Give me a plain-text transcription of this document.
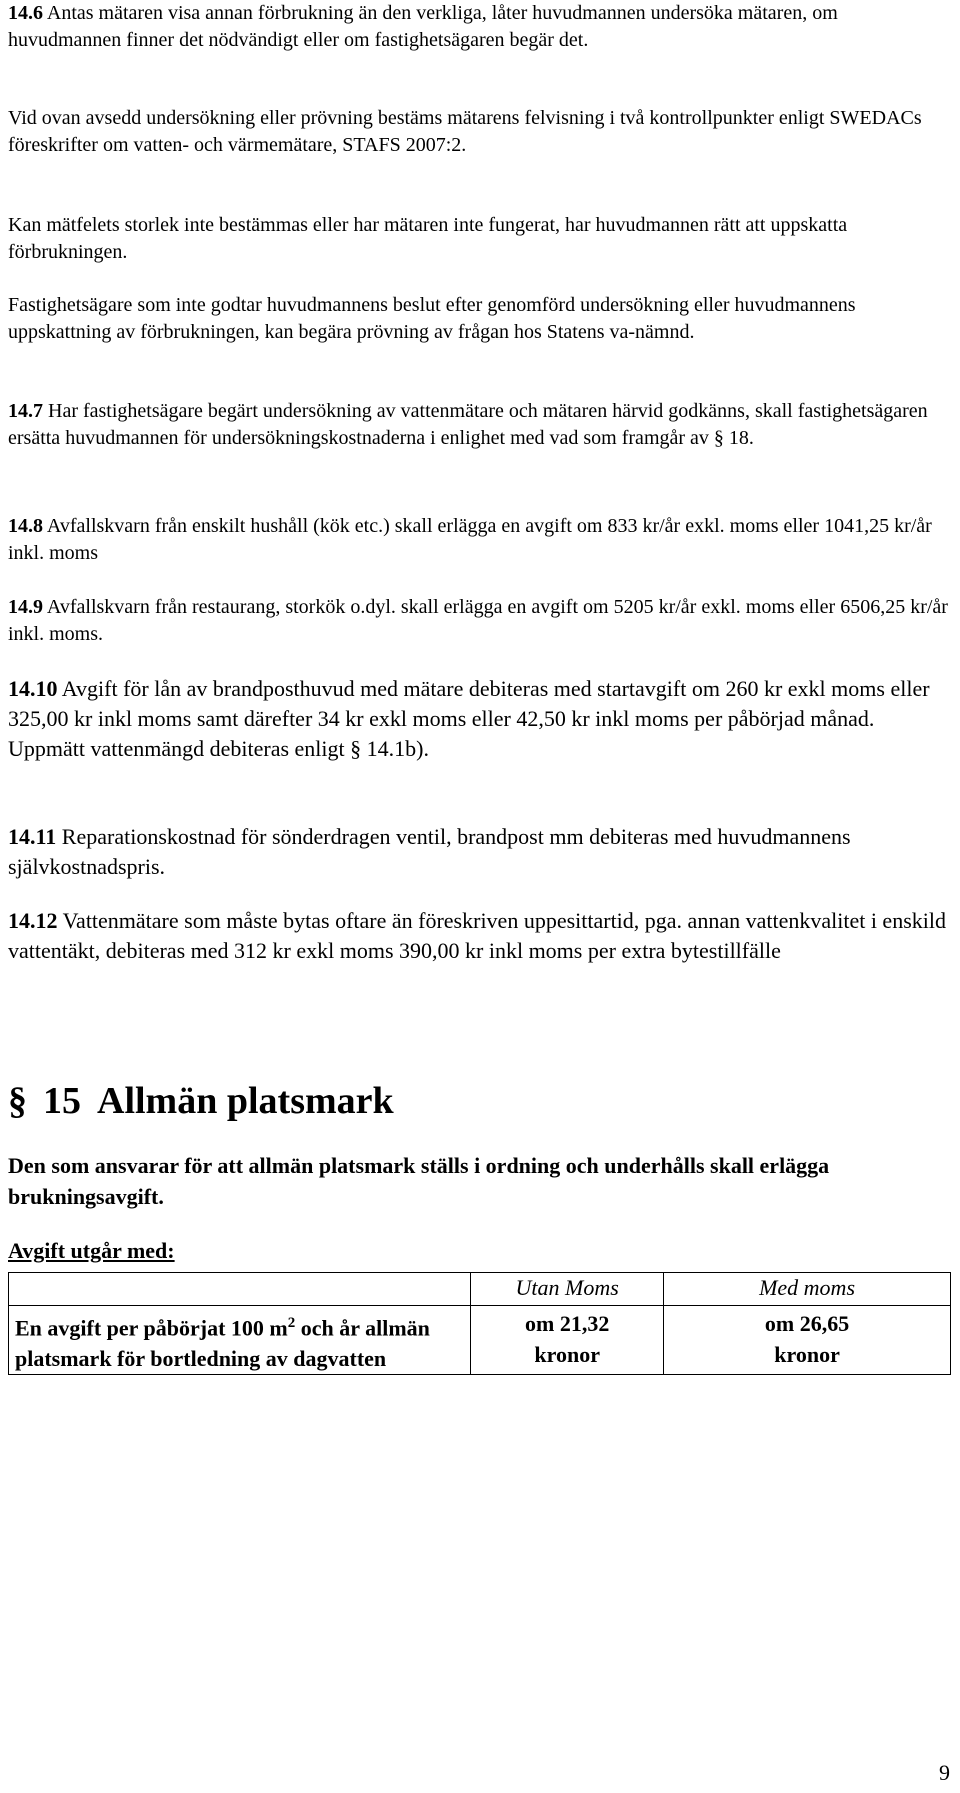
14.6 Antas mätaren visa annan förbrukning än den verkliga, låter huvudmannen undersöka mätaren, om huvudmannen finner det nödvändigt eller om fastighetsägaren begär det.

Vid ovan avsedd undersökning eller prövning bestäms mätarens felvisning i två kontrollpunkter enligt SWEDACs föreskrifter om vatten- och värmemätare, STAFS 2007:2.

Kan mätfelets storlek inte bestämmas eller har mätaren inte fungerat, har huvudmannen rätt att uppskatta förbrukningen.

Fastighetsägare som inte godtar huvudmannens beslut efter genomförd undersökning eller huvudmannens uppskattning av förbrukningen, kan begära prövning av frågan hos Statens va-nämnd.

14.7 Har fastighetsägare begärt undersökning av vattenmätare och mätaren härvid godkänns, skall fastighetsägaren ersätta huvudmannen för undersökningskostnaderna i enlighet med vad som framgår av § 18.

14.8 Avfallskvarn från enskilt hushåll (kök etc.) skall erlägga en avgift om 833 kr/år exkl. moms eller 1041,25 kr/år inkl. moms

14.9 Avfallskvarn från restaurang, storkök o.dyl. skall erlägga en avgift om 5205 kr/år exkl. moms eller 6506,25 kr/år inkl. moms.

14.10 Avgift för lån av brandposthuvud med mätare debiteras med startavgift om 260 kr exkl moms eller 325,00 kr inkl moms samt därefter 34 kr exkl moms eller 42,50 kr inkl moms per påbörjad månad. Uppmätt vattenmängd debiteras enligt § 14.1b).

14.11 Reparationskostnad för sönderdragen ventil, brandpost mm debiteras med huvudmannens självkostnadspris.

14.12 Vattenmätare som måste bytas oftare än föreskriven uppesittartid, pga. annan vattenkvalitet i enskild vattentäkt, debiteras med 312 kr exkl moms 390,00 kr inkl moms per extra bytestillfälle

§ 15 Allmän platsmark

Den som ansvarar för att allmän platsmark ställs i ordning och underhålls skall erlägga brukningsavgift.

Avgift utgår med:

	Utan Moms	Med moms
En avgift per påbörjat 100 $m^2$ och år allmän platsmark för bortledning av dagvatten	om 21,32 kronor	om 26,65 kronor
9
